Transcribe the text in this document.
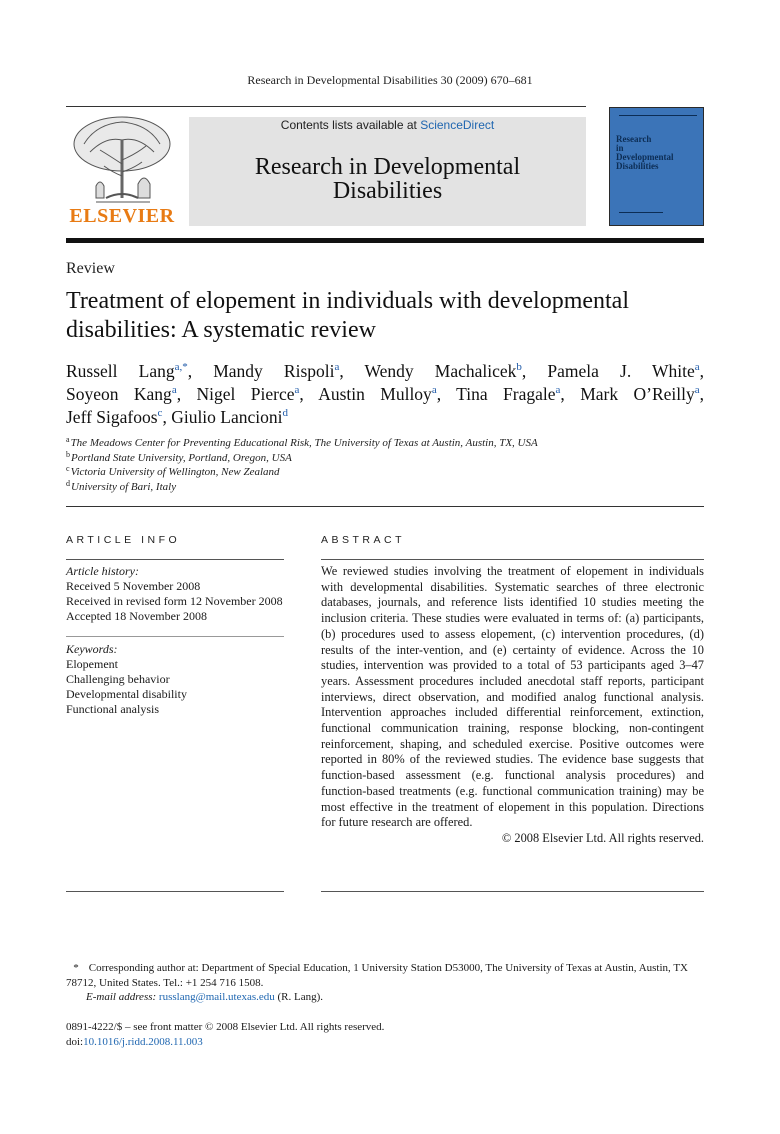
Research in Developmental Disabilities 30 (2009) 670–681
ELSEVIER
Contents lists available at ScienceDirect
Research in Developmental
Disabilities
Research
in
Developmental
Disabilities
Review
Treatment of elopement in individuals with developmental
disabilities: A systematic review
Russell Lang$^{a,*}$, Mandy Rispoli$^a$, Wendy Machalicek$^b$, Pamela J. White$^a$,
Soyeon Kang$^a$, Nigel Pierce$^a$, Austin Mulloy$^a$, Tina Fragale$^a$, Mark O’Reilly$^a$,
Jeff Sigafoos$^c$, Giulio Lancioni$^d$
$^a$The Meadows Center for Preventing Educational Risk, The University of Texas at Austin, Austin, TX, USA
$^b$Portland State University, Portland, Oregon, USA
$^c$Victoria University of Wellington, New Zealand
$^d$University of Bari, Italy
ARTICLE INFO	ABSTRACT
Article history:
Received 5 November 2008
Received in revised form 12 November 2008
Accepted 18 November 2008
Keywords:
Elopement
Challenging behavior
Developmental disability
Functional analysis
We reviewed studies involving the treatment of elopement in individuals with developmental disabilities. Systematic searches of three electronic databases, journals, and reference lists identified 10 studies meeting the inclusion criteria. These studies were evaluated in terms of: (a) participants, (b) procedures used to assess elopement, (c) intervention procedures, (d) results of the inter-vention, and (e) certainty of evidence. Across the 10 studies, intervention was provided to a total of 53 participants aged 3–47 years. Assessment procedures included anecdotal staff reports, participant interviews, direct observation, and modified analog functional analysis. Intervention approaches included differential reinforcement, extinction, functional communication training, response blocking, non-contingent reinforcement, shaping, and scheduled exercise. Positive outcomes were reported in 80% of the reviewed studies. The evidence base suggests that function-based assessment (e.g. functional analysis procedures) and function-based treatments (e.g. functional communication training) may be most effective in the treatment of elopement in this population. Directions for future research are offered.
© 2008 Elsevier Ltd. All rights reserved.
* Corresponding author at: Department of Special Education, 1 University Station D53000, The University of Texas at Austin, Austin, TX 78712, United States. Tel.: +1 254 716 1508.
E-mail address: russlang@mail.utexas.edu (R. Lang).
0891-4222/$ – see front matter © 2008 Elsevier Ltd. All rights reserved.
doi:10.1016/j.ridd.2008.11.003
